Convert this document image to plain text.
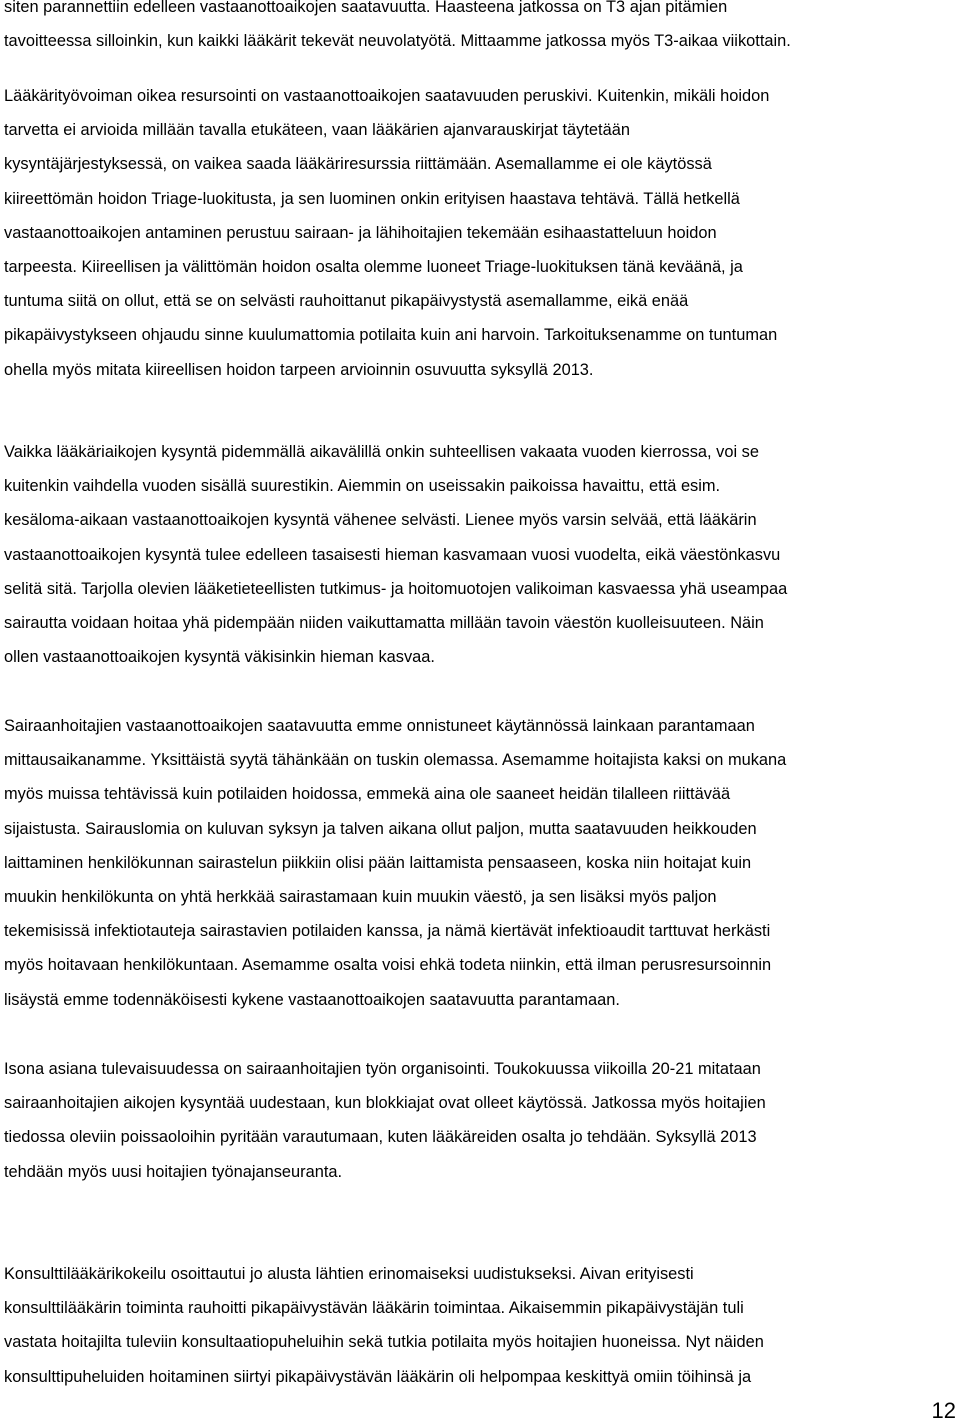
siten parannettiin edelleen vastaanottoaikojen saatavuutta. Haasteena jatkossa on T3 ajan pitämien
tavoitteessa silloinkin, kun kaikki lääkärit tekevät neuvolatyötä. Mittaamme jatkossa myös T3-aikaa viikottain.
Lääkärityövoiman oikea resursointi on vastaanottoaikojen saatavuuden peruskivi. Kuitenkin, mikäli hoidon
tarvetta ei arvioida millään tavalla etukäteen, vaan lääkärien ajanvarauskirjat täytetään
kysyntäjärjestyksessä, on vaikea saada lääkäriresurssia riittämään. Asemallamme ei ole käytössä
kiireettömän hoidon Triage-luokitusta, ja sen luominen onkin erityisen haastava tehtävä. Tällä hetkellä
vastaanottoaikojen antaminen perustuu sairaan- ja lähihoitajien tekemään esihaastatteluun hoidon
tarpeesta. Kiireellisen ja välittömän hoidon osalta olemme luoneet Triage-luokituksen tänä keväänä, ja
tuntuma siitä on ollut, että se on selvästi rauhoittanut pikapäivystystä asemallamme, eikä enää
pikapäivystykseen ohjaudu sinne kuulumattomia potilaita kuin ani harvoin. Tarkoituksenamme on tuntuman
ohella myös mitata kiireellisen hoidon tarpeen arvioinnin osuvuutta syksyllä 2013.
Vaikka lääkäriaikojen kysyntä pidemmällä aikavälillä onkin suhteellisen vakaata vuoden kierrossa, voi se
kuitenkin vaihdella vuoden sisällä suurestikin. Aiemmin on useissakin paikoissa havaittu, että esim.
kesäloma-aikaan vastaanottoaikojen kysyntä vähenee selvästi. Lienee myös varsin selvää, että lääkärin
vastaanottoaikojen kysyntä tulee edelleen tasaisesti hieman kasvamaan vuosi vuodelta, eikä väestönkasvu
selitä sitä. Tarjolla olevien lääketieteellisten tutkimus- ja hoitomuotojen valikoiman kasvaessa yhä useampaa
sairautta voidaan hoitaa yhä pidempään niiden vaikuttamatta millään tavoin väestön kuolleisuuteen. Näin
ollen vastaanottoaikojen kysyntä väkisinkin hieman kasvaa.
Sairaanhoitajien vastaanottoaikojen saatavuutta emme onnistuneet käytännössä lainkaan parantamaan
mittausaikanamme. Yksittäistä syytä tähänkään on tuskin olemassa. Asemamme hoitajista kaksi on mukana
myös muissa tehtävissä kuin potilaiden hoidossa, emmekä aina ole saaneet heidän tilalleen riittävää
sijaistusta. Sairauslomia on kuluvan syksyn ja talven aikana ollut paljon, mutta saatavuuden heikkouden
laittaminen henkilökunnan sairastelun piikkiin olisi pään laittamista pensaaseen, koska niin hoitajat kuin
muukin henkilökunta on yhtä herkkää sairastamaan kuin muukin väestö, ja sen lisäksi myös paljon
tekemisissä infektiotauteja sairastavien potilaiden kanssa, ja nämä kiertävät infektioaudit tarttuvat herkästi
myös hoitavaan henkilökuntaan. Asemamme osalta voisi ehkä todeta niinkin, että ilman perusresursoinnin
lisäystä emme todennäköisesti kykene vastaanottoaikojen saatavuutta parantamaan.
Isona asiana tulevaisuudessa on sairaanhoitajien työn organisointi. Toukokuussa viikoilla 20-21 mitataan
sairaanhoitajien aikojen kysyntää uudestaan, kun blokkiajat ovat olleet käytössä. Jatkossa myös hoitajien
tiedossa oleviin poissaoloihin pyritään varautumaan, kuten lääkäreiden osalta jo tehdään. Syksyllä 2013
tehdään myös uusi hoitajien työnajanseuranta.
Konsulttilääkärikokeilu osoittautui jo alusta lähtien erinomaiseksi uudistukseksi. Aivan erityisesti
konsulttilääkärin toiminta rauhoitti pikapäivystävän lääkärin toimintaa. Aikaisemmin pikapäivystäjän tuli
vastata hoitajilta tuleviin konsultaatiopuheluihin sekä tutkia potilaita myös hoitajien huoneissa. Nyt näiden
konsulttipuheluiden hoitaminen siirtyi pikapäivystävän lääkärin oli helpompaa keskittyä omiin töihinsä ja
12
